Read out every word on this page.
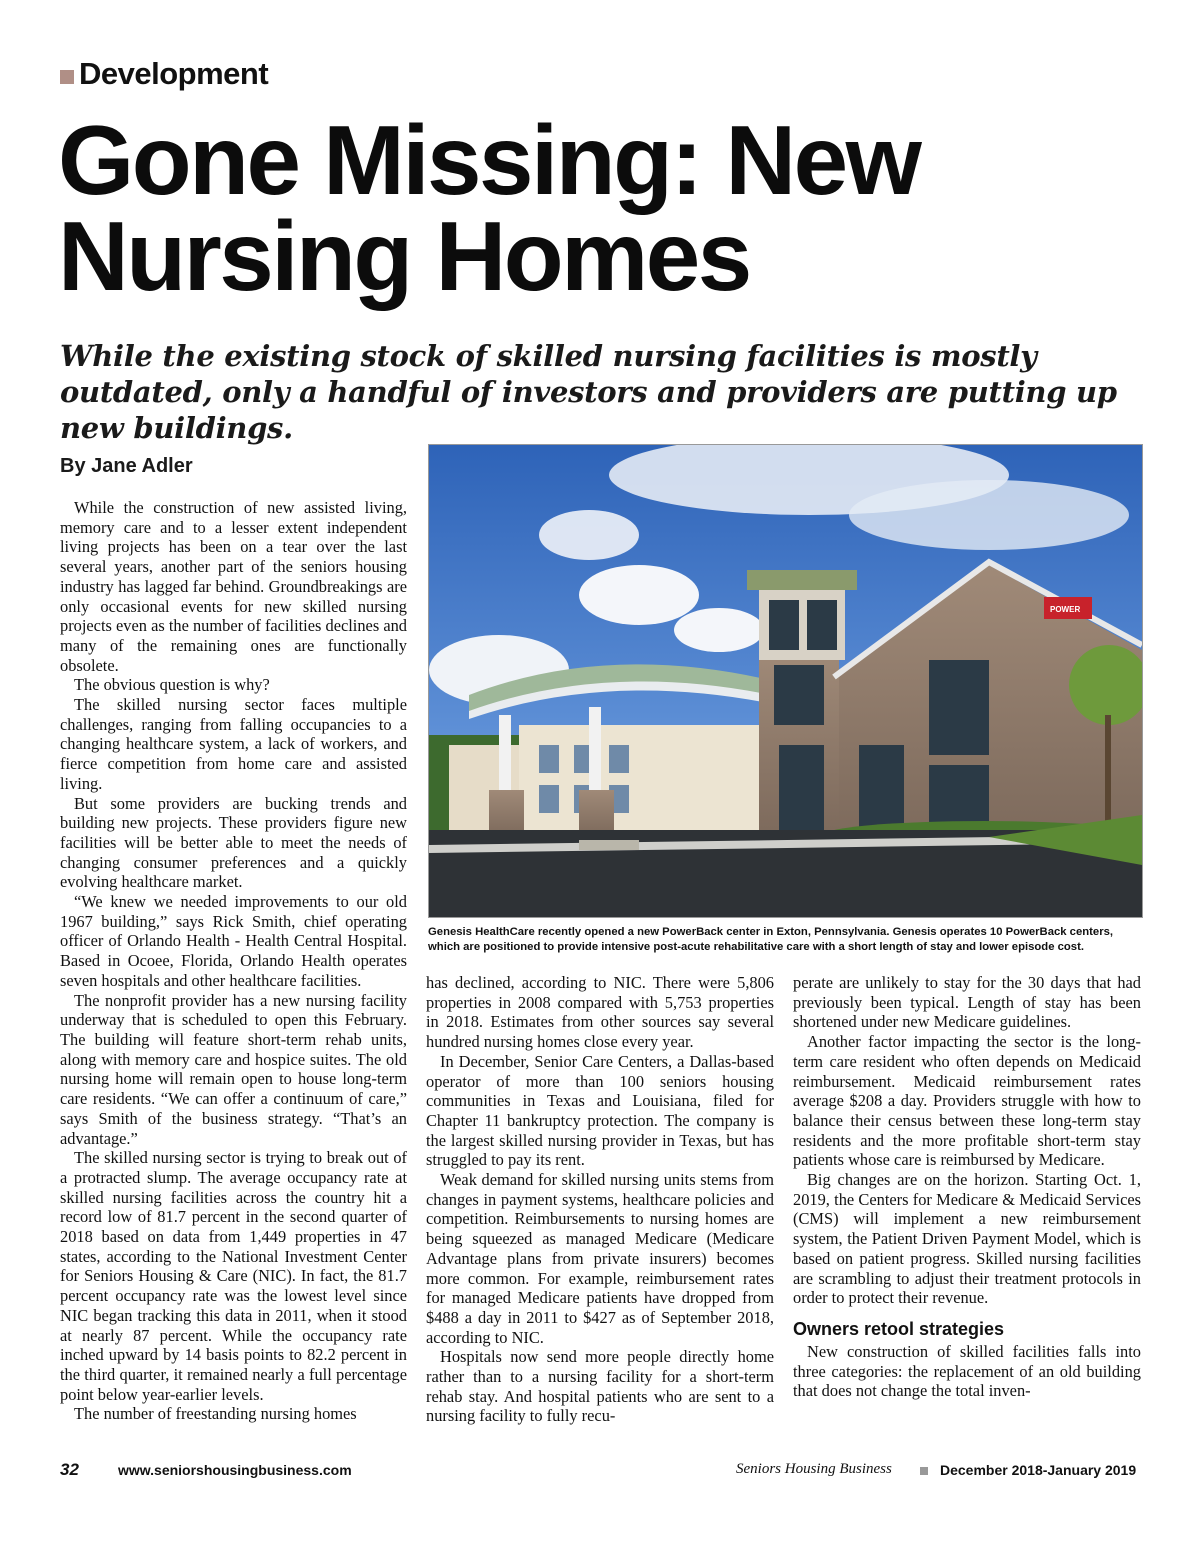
Development
Gone Missing: New Nursing Homes

While the existing stock of skilled nursing facilities is mostly outdated, only a handful of investors and providers are putting up new buildings.

By Jane Adler

While the construction of new assisted living, memory care and to a lesser extent independent living projects has been on a tear over the last several years, another part of the seniors housing industry has lagged far behind. Groundbreakings are only occasional events for new skilled nursing projects even as the number of facilities declines and many of the remaining ones are functionally obsolete.

The obvious question is why?

The skilled nursing sector faces multiple challenges, ranging from falling occupancies to a changing healthcare system, a lack of workers, and fierce competition from home care and assisted living.

But some providers are bucking trends and building new projects. These providers figure new facilities will be better able to meet the needs of changing consumer preferences and a quickly evolving healthcare market.

“We knew we needed improvements to our old 1967 building,” says Rick Smith, chief operating officer of Orlando Health - Health Central Hospital. Based in Ocoee, Florida, Orlando Health operates seven hospitals and other healthcare facilities.

The nonprofit provider has a new nursing facility underway that is scheduled to open this February. The building will feature short-term rehab units, along with memory care and hospice suites. The old nursing home will remain open to house long-term care residents. “We can offer a continuum of care,” says Smith of the business strategy. “That’s an advantage.”

The skilled nursing sector is trying to break out of a protracted slump. The average occupancy rate at skilled nursing facilities across the country hit a record low of 81.7 percent in the second quarter of 2018 based on data from 1,449 properties in 47 states, according to the National Investment Center for Seniors Housing & Care (NIC). In fact, the 81.7 percent occupancy rate was the lowest level since NIC began tracking this data in 2011, when it stood at nearly 87 percent. While the occupancy rate inched upward by 14 basis points to 82.2 percent in the third quarter, it remained nearly a full percentage point below year-earlier levels.

The number of freestanding nursing homes

POWER
Genesis HealthCare recently opened a new PowerBack center in Exton, Pennsylvania. Genesis operates 10 PowerBack centers, which are positioned to provide intensive post-acute rehabilitative care with a short length of stay and lower episode cost.

has declined, according to NIC. There were 5,806 properties in 2008 compared with 5,753 properties in 2018. Estimates from other sources say several hundred nursing homes close every year.

In December, Senior Care Centers, a Dallas-based operator of more than 100 seniors housing communities in Texas and Louisiana, filed for Chapter 11 bankruptcy protection. The company is the largest skilled nursing provider in Texas, but has struggled to pay its rent.

Weak demand for skilled nursing units stems from changes in payment systems, healthcare policies and competition. Reimbursements to nursing homes are being squeezed as managed Medicare (Medicare Advantage plans from private insurers) becomes more common. For example, reimbursement rates for managed Medicare patients have dropped from $488 a day in 2011 to $427 as of September 2018, according to NIC.

Hospitals now send more people directly home rather than to a nursing facility for a short-term rehab stay. And hospital patients who are sent to a nursing facility to fully recu-

perate are unlikely to stay for the 30 days that had previously been typical. Length of stay has been shortened under new Medicare guidelines.

Another factor impacting the sector is the long-term care resident who often depends on Medicaid reimbursement. Medicaid reimbursement rates average $208 a day. Providers struggle with how to balance their census between these long-term stay residents and the more profitable short-term stay patients whose care is reimbursed by Medicare.

Big changes are on the horizon. Starting Oct. 1, 2019, the Centers for Medicare & Medicaid Services (CMS) will implement a new reimbursement system, the Patient Driven Payment Model, which is based on patient progress. Skilled nursing facilities are scrambling to adjust their treatment protocols in order to protect their revenue.

Owners retool strategies

New construction of skilled facilities falls into three categories: the replacement of an old building that does not change the total inven-

32	www.seniorshousingbusiness.com	Seniors Housing Business	December 2018-January 2019
